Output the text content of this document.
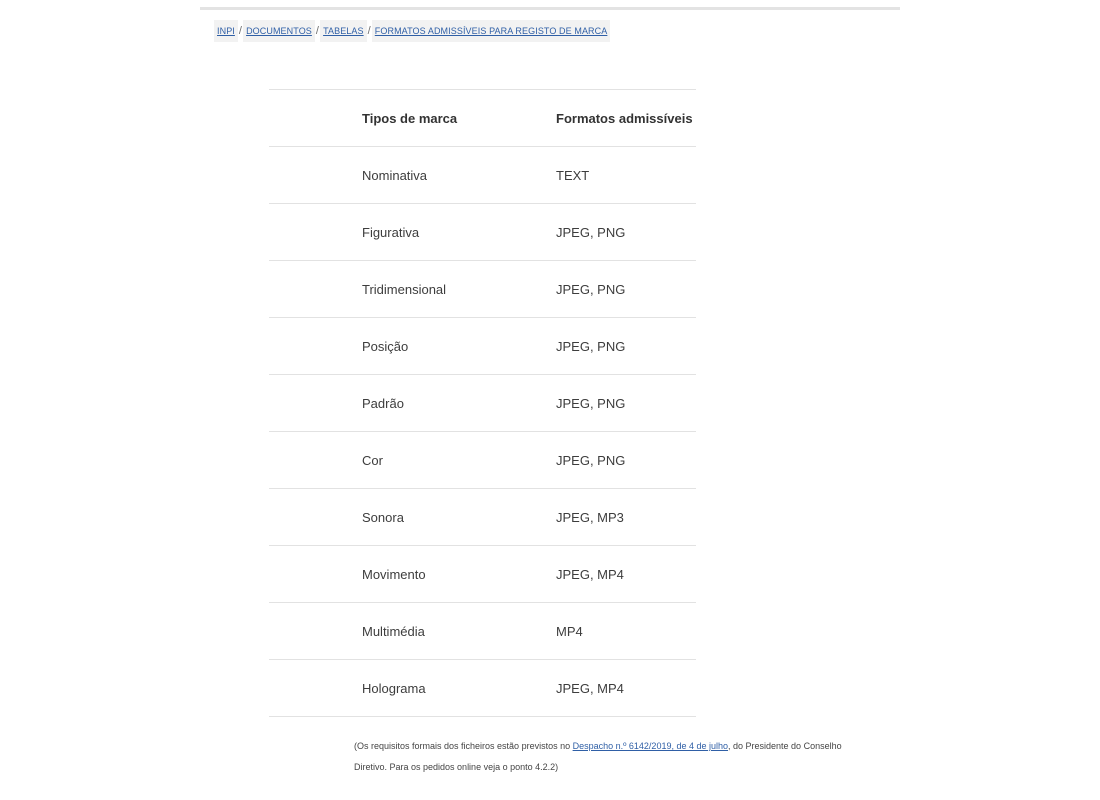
INPI / DOCUMENTOS / TABELAS / FORMATOS ADMISSÍVEIS PARA REGISTO DE MARCA
	Tipos de marca	Formatos admissíveis
	Nominativa	TEXT
	Figurativa	JPEG, PNG
	Tridimensional	JPEG, PNG
	Posição	JPEG, PNG
	Padrão	JPEG, PNG
	Cor	JPEG, PNG
	Sonora	JPEG, MP3
	Movimento	JPEG, MP4
	Multimédia	MP4
	Holograma	JPEG, MP4

(Os requisitos formais dos ficheiros estão previstos no Despacho n.º 6142/2019, de 4 de julho, do Presidente do Conselho Diretivo. Para os pedidos online veja o ponto 4.2.2)
